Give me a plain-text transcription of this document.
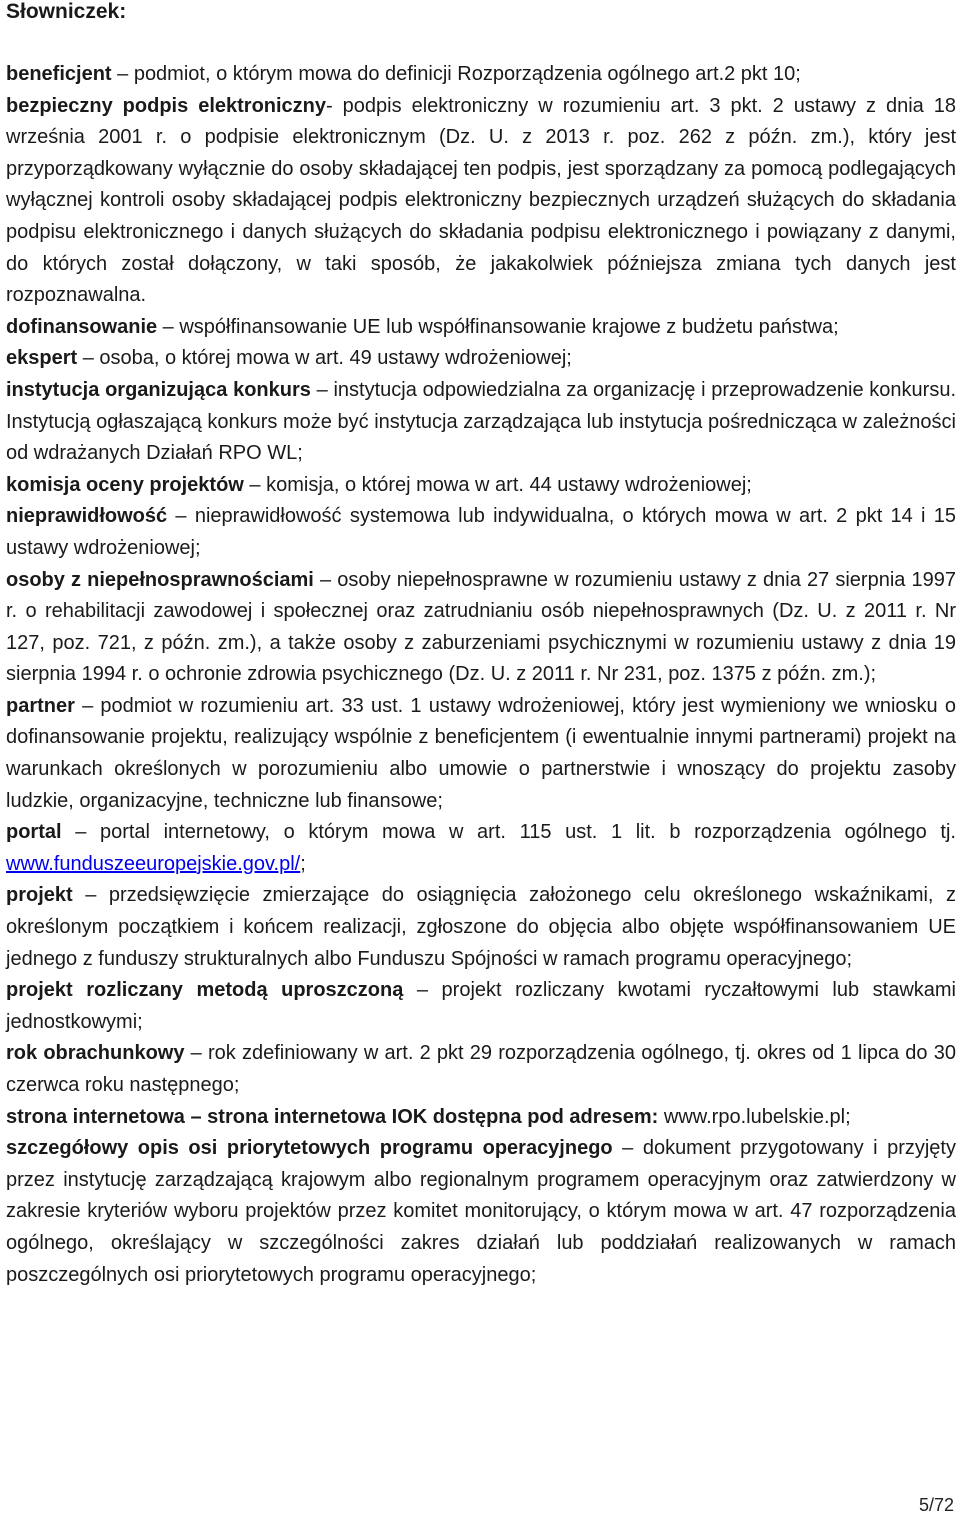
Słowniczek:

beneficjent – podmiot, o którym mowa do definicji Rozporządzenia ogólnego art.2 pkt 10;

bezpieczny podpis elektroniczny- podpis elektroniczny w rozumieniu art. 3 pkt. 2 ustawy z dnia 18 września 2001 r. o podpisie elektronicznym (Dz. U. z 2013 r. poz. 262 z późn. zm.), który jest przyporządkowany wyłącznie do osoby składającej ten podpis, jest sporządzany za pomocą podlegających wyłącznej kontroli osoby składającej podpis elektroniczny bezpiecznych urządzeń służących do składania podpisu elektronicznego i danych służących do składania podpisu elektronicznego i powiązany z danymi, do których został dołączony, w taki sposób, że jakakolwiek późniejsza zmiana tych danych jest rozpoznawalna.

dofinansowanie – współfinansowanie UE lub współfinansowanie krajowe z budżetu państwa;

ekspert – osoba, o której mowa w art. 49 ustawy wdrożeniowej;

instytucja organizująca konkurs – instytucja odpowiedzialna za organizację i przeprowadzenie konkursu. Instytucją ogłaszającą konkurs może być instytucja zarządzająca lub instytucja pośrednicząca w zależności od wdrażanych Działań RPO WL;

komisja oceny projektów – komisja, o której mowa w art. 44 ustawy wdrożeniowej;

nieprawidłowość – nieprawidłowość systemowa lub indywidualna, o których mowa w art. 2 pkt 14 i 15 ustawy wdrożeniowej;

osoby z niepełnosprawnościami – osoby niepełnosprawne w rozumieniu ustawy z dnia 27 sierpnia 1997 r. o rehabilitacji zawodowej i społecznej oraz zatrudnianiu osób niepełnosprawnych (Dz. U. z 2011 r. Nr 127, poz. 721, z późn. zm.), a także osoby z zaburzeniami psychicznymi w rozumieniu ustawy z dnia 19 sierpnia 1994 r. o ochronie zdrowia psychicznego (Dz. U. z 2011 r. Nr 231, poz. 1375 z późn. zm.);

partner – podmiot w rozumieniu art. 33 ust. 1 ustawy wdrożeniowej, który jest wymieniony we wniosku o dofinansowanie projektu, realizujący wspólnie z beneficjentem (i ewentualnie innymi partnerami) projekt na warunkach określonych w porozumieniu albo umowie o partnerstwie i wnoszący do projektu zasoby ludzkie, organizacyjne, techniczne lub finansowe;

portal – portal internetowy, o którym mowa w art. 115 ust. 1 lit. b rozporządzenia ogólnego tj. www.funduszeeuropejskie.gov.pl/;

projekt – przedsięwzięcie zmierzające do osiągnięcia założonego celu określonego wskaźnikami, z określonym początkiem i końcem realizacji, zgłoszone do objęcia albo objęte współfinansowaniem UE jednego z funduszy strukturalnych albo Funduszu Spójności w ramach programu operacyjnego;

projekt rozliczany metodą uproszczoną – projekt rozliczany kwotami ryczałtowymi lub stawkami jednostkowymi;

rok obrachunkowy – rok zdefiniowany w art. 2 pkt 29 rozporządzenia ogólnego, tj. okres od 1 lipca do 30 czerwca roku następnego;

strona internetowa – strona internetowa IOK dostępna pod adresem: www.rpo.lubelskie.pl;

szczegółowy opis osi priorytetowych programu operacyjnego – dokument przygotowany i przyjęty przez instytucję zarządzającą krajowym albo regionalnym programem operacyjnym oraz zatwierdzony w zakresie kryteriów wyboru projektów przez komitet monitorujący, o którym mowa w art. 47 rozporządzenia ogólnego, określający w szczególności zakres działań lub poddziałań realizowanych w ramach poszczególnych osi priorytetowych programu operacyjnego;

5/72
